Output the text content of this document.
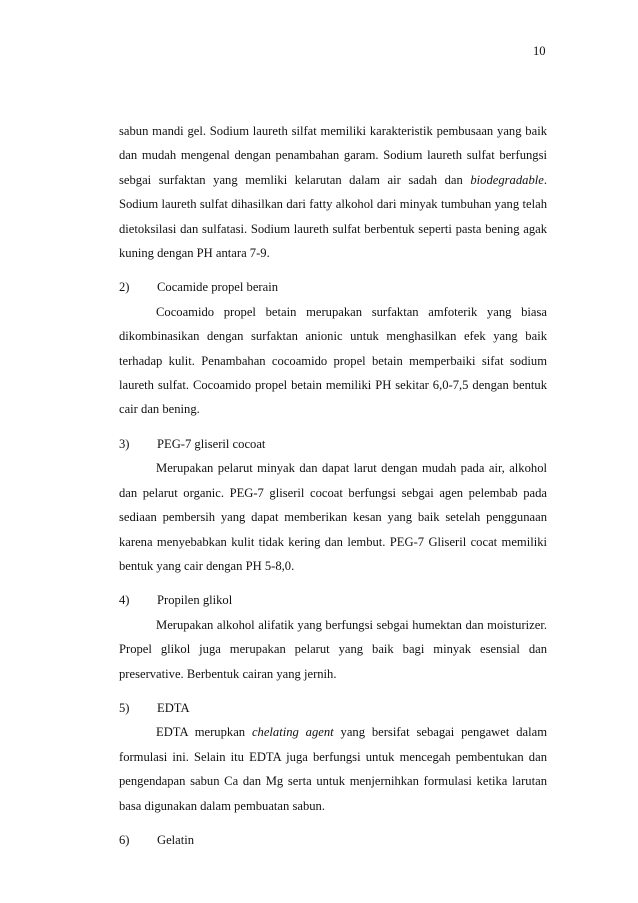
10

sabun mandi gel. Sodium laureth silfat memiliki karakteristik pembusaan yang baik dan mudah mengenal dengan penambahan garam. Sodium laureth sulfat berfungsi sebgai surfaktan yang memliki kelarutan dalam air sadah dan biodegradable. Sodium laureth sulfat dihasilkan dari fatty alkohol dari minyak tumbuhan yang telah dietoksilasi dan sulfatasi. Sodium laureth sulfat berbentuk seperti pasta bening agak kuning dengan PH antara 7-9.

2)	Cocamide propel berain

Cocoamido propel betain merupakan surfaktan amfoterik yang biasa dikombinasikan dengan surfaktan anionic untuk menghasilkan efek yang baik terhadap kulit. Penambahan cocoamido propel betain memperbaiki sifat sodium laureth sulfat. Cocoamido propel betain memiliki PH sekitar 6,0-7,5 dengan bentuk cair dan bening.

3)	PEG-7 gliseril cocoat

Merupakan pelarut minyak dan dapat larut dengan mudah pada air, alkohol dan pelarut organic. PEG-7 gliseril cocoat berfungsi sebgai agen pelembab pada sediaan pembersih yang dapat memberikan kesan yang baik setelah penggunaan karena menyebabkan kulit tidak kering dan lembut. PEG-7 Gliseril cocat memiliki bentuk yang cair dengan PH 5-8,0.

4)	Propilen glikol

Merupakan alkohol alifatik yang berfungsi sebgai humektan dan moisturizer. Propel glikol juga merupakan pelarut yang baik bagi minyak esensial dan preservative. Berbentuk cairan yang jernih.

5)	EDTA

EDTA merupkan chelating agent yang bersifat sebagai pengawet dalam formulasi ini. Selain itu EDTA juga berfungsi untuk mencegah pembentukan dan pengendapan sabun Ca dan Mg serta untuk menjernihkan formulasi ketika larutan basa digunakan dalam pembuatan sabun.

6)	Gelatin
